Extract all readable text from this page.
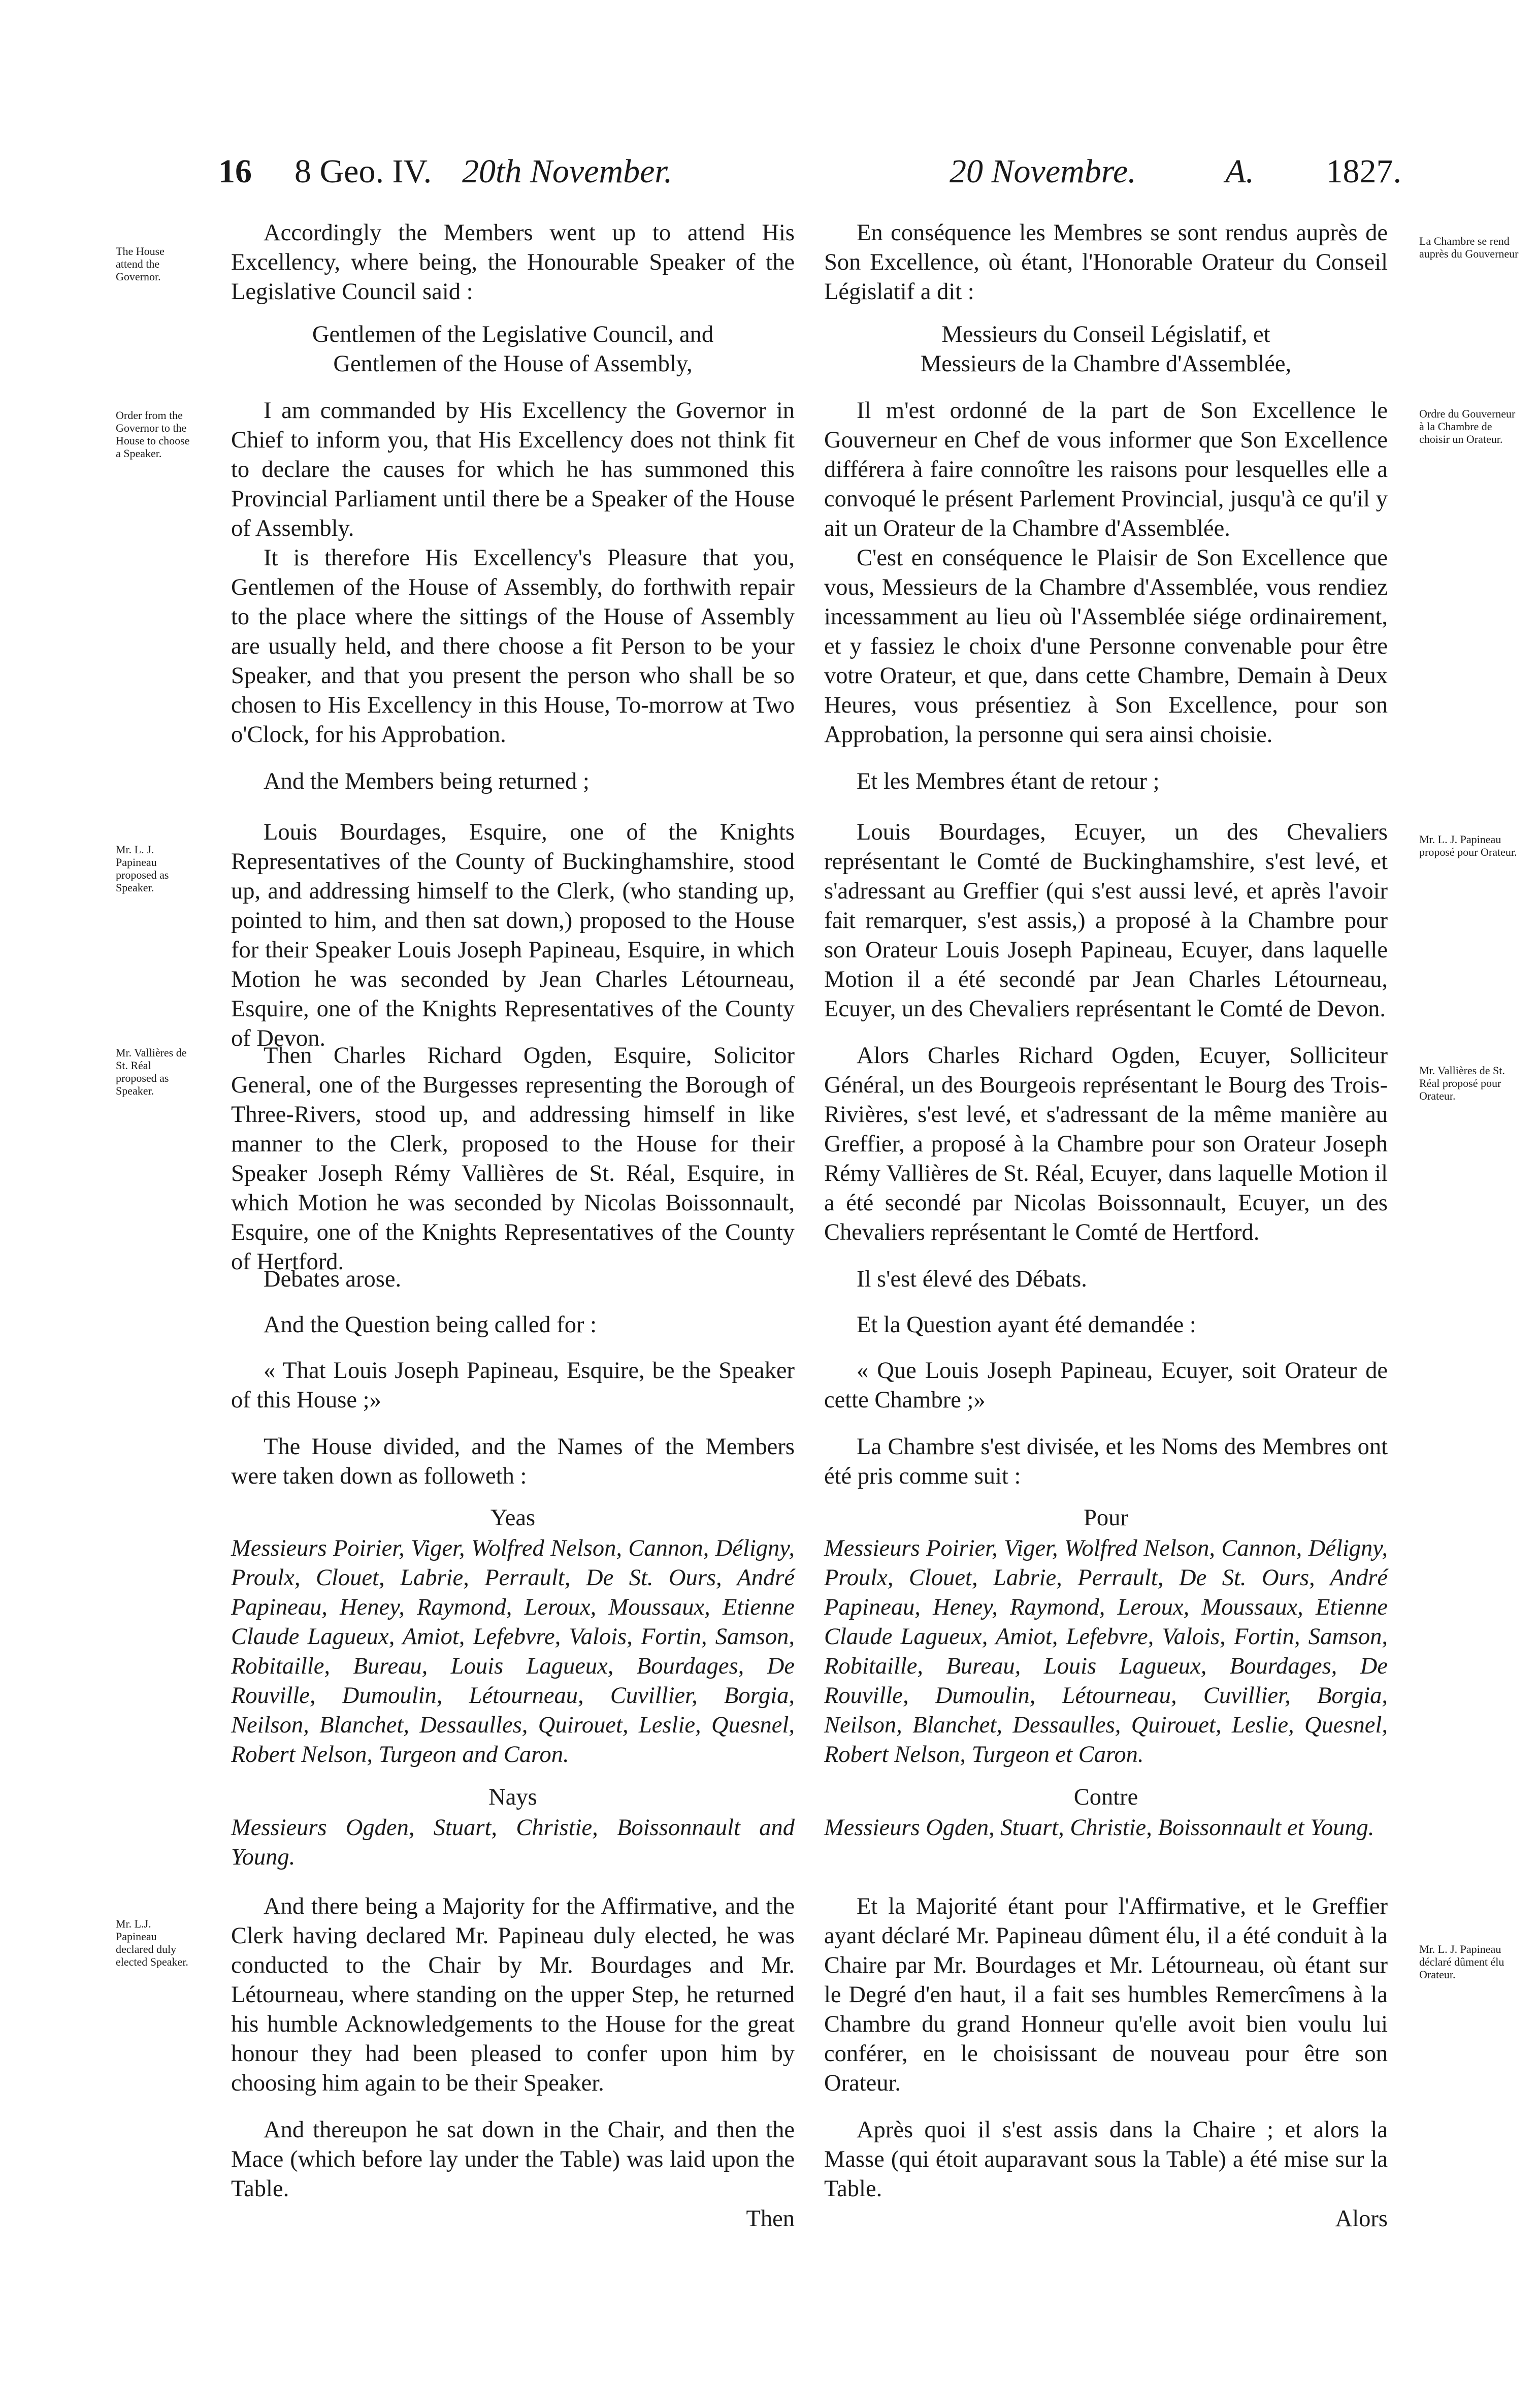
16 8 Geo. IV. 20th November.	20 Novembre.	A. 1827.
The House attend the Governor.
Order from the Governor to the House to choose a Speaker.
Mr. L. J. Papineau proposed as Speaker.
Mr. Vallières de St. Réal proposed as Speaker.
Mr. L.J. Papineau declared duly elected Speaker.
La Chambre se rend auprès du Gouverneur
Ordre du Gouverneur à la Chambre de choisir un Orateur.
Mr. L. J. Papineau proposé pour Orateur.
Mr. Vallières de St. Réal proposé pour Orateur.
Mr. L. J. Papineau déclaré dûment élu Orateur.

Accordingly the Members went up to attend His Excellency, where being, the Honourable Speaker of the Legislative Council said :

Gentlemen of the Legislative Council, and

Gentlemen of the House of Assembly,

I am commanded by His Excellency the Governor in Chief to inform you, that His Excellency does not think fit to declare the causes for which he has summoned this Provincial Parliament until there be a Speaker of the House of Assembly.

It is therefore His Excellency's Pleasure that you, Gentlemen of the House of Assembly, do forthwith repair to the place where the sittings of the House of Assembly are usually held, and there choose a fit Person to be your Speaker, and that you present the person who shall be so chosen to His Excellency in this House, To-morrow at Two o'Clock, for his Approbation.

And the Members being returned ;

Louis Bourdages, Esquire, one of the Knights Representatives of the County of Buckinghamshire, stood up, and addressing himself to the Clerk, (who standing up, pointed to him, and then sat down,) proposed to the House for their Speaker Louis Joseph Papineau, Esquire, in which Motion he was seconded by Jean Charles Létourneau, Esquire, one of the Knights Representatives of the County of Devon.

Then Charles Richard Ogden, Esquire, Solicitor General, one of the Burgesses representing the Borough of Three-Rivers, stood up, and addressing himself in like manner to the Clerk, proposed to the House for their Speaker Joseph Rémy Vallières de St. Réal, Esquire, in which Motion he was seconded by Nicolas Boissonnault, Esquire, one of the Knights Representatives of the County of Hertford.

Debates arose.

And the Question being called for :

« That Louis Joseph Papineau, Esquire, be the Speaker of this House ;»

The House divided, and the Names of the Members were taken down as followeth :

Yeas

Messieurs Poirier, Viger, Wolfred Nelson, Cannon, Déligny, Proulx, Clouet, Labrie, Perrault, De St. Ours, André Papineau, Heney, Raymond, Leroux, Moussaux, Etienne Claude Lagueux, Amiot, Lefebvre, Valois, Fortin, Samson, Robitaille, Bureau, Louis Lagueux, Bourdages, De Rouville, Dumoulin, Létourneau, Cuvillier, Borgia, Neilson, Blanchet, Dessaulles, Quirouet, Leslie, Quesnel, Robert Nelson, Turgeon and Caron.

Nays

Messieurs Ogden, Stuart, Christie, Boissonnault and Young.

And there being a Majority for the Affirmative, and the Clerk having declared Mr. Papineau duly elected, he was conducted to the Chair by Mr. Bourdages and Mr. Létourneau, where standing on the upper Step, he returned his humble Acknowledgements to the House for the great honour they had been pleased to confer upon him by choosing him again to be their Speaker.

And thereupon he sat down in the Chair, and then the Mace (which before lay under the Table) was laid upon the Table.

Then

En conséquence les Membres se sont rendus auprès de Son Excellence, où étant, l'Honorable Orateur du Conseil Législatif a dit :

Messieurs du Conseil Législatif, et

Messieurs de la Chambre d'Assemblée,

Il m'est ordonné de la part de Son Excellence le Gouverneur en Chef de vous informer que Son Excellence différera à faire connoître les raisons pour lesquelles elle a convoqué le présent Parlement Provincial, jusqu'à ce qu'il y ait un Orateur de la Chambre d'Assemblée.

C'est en conséquence le Plaisir de Son Excellence que vous, Messieurs de la Chambre d'Assemblée, vous rendiez incessamment au lieu où l'Assemblée siége ordinairement, et y fassiez le choix d'une Personne convenable pour être votre Orateur, et que, dans cette Chambre, Demain à Deux Heures, vous présentiez à Son Excellence, pour son Approbation, la personne qui sera ainsi choisie.

Et les Membres étant de retour ;

Louis Bourdages, Ecuyer, un des Chevaliers représentant le Comté de Buckinghamshire, s'est levé, et s'adressant au Greffier (qui s'est aussi levé, et après l'avoir fait remarquer, s'est assis,) a proposé à la Chambre pour son Orateur Louis Joseph Papineau, Ecuyer, dans laquelle Motion il a été secondé par Jean Charles Létourneau, Ecuyer, un des Chevaliers représentant le Comté de Devon.

Alors Charles Richard Ogden, Ecuyer, Solliciteur Général, un des Bourgeois représentant le Bourg des Trois-Rivières, s'est levé, et s'adressant de la même manière au Greffier, a proposé à la Chambre pour son Orateur Joseph Rémy Vallières de St. Réal, Ecuyer, dans laquelle Motion il a été secondé par Nicolas Boissonnault, Ecuyer, un des Chevaliers représentant le Comté de Hertford.

Il s'est élevé des Débats.

Et la Question ayant été demandée :

« Que Louis Joseph Papineau, Ecuyer, soit Orateur de cette Chambre ;»

La Chambre s'est divisée, et les Noms des Membres ont été pris comme suit :

Pour

Messieurs Poirier, Viger, Wolfred Nelson, Cannon, Déligny, Proulx, Clouet, Labrie, Perrault, De St. Ours, André Papineau, Heney, Raymond, Leroux, Moussaux, Etienne Claude Lagueux, Amiot, Lefebvre, Valois, Fortin, Samson, Robitaille, Bureau, Louis Lagueux, Bourdages, De Rouville, Dumoulin, Létourneau, Cuvillier, Borgia, Neilson, Blanchet, Dessaulles, Quirouet, Leslie, Quesnel, Robert Nelson, Turgeon et Caron.

Contre

Messieurs Ogden, Stuart, Christie, Boissonnault et Young.

Et la Majorité étant pour l'Affirmative, et le Greffier ayant déclaré Mr. Papineau dûment élu, il a été conduit à la Chaire par Mr. Bourdages et Mr. Létourneau, où étant sur le Degré d'en haut, il a fait ses humbles Remercîmens à la Chambre du grand Honneur qu'elle avoit bien voulu lui conférer, en le choisissant de nouveau pour être son Orateur.

Après quoi il s'est assis dans la Chaire ; et alors la Masse (qui étoit auparavant sous la Table) a été mise sur la Table.

Alors
